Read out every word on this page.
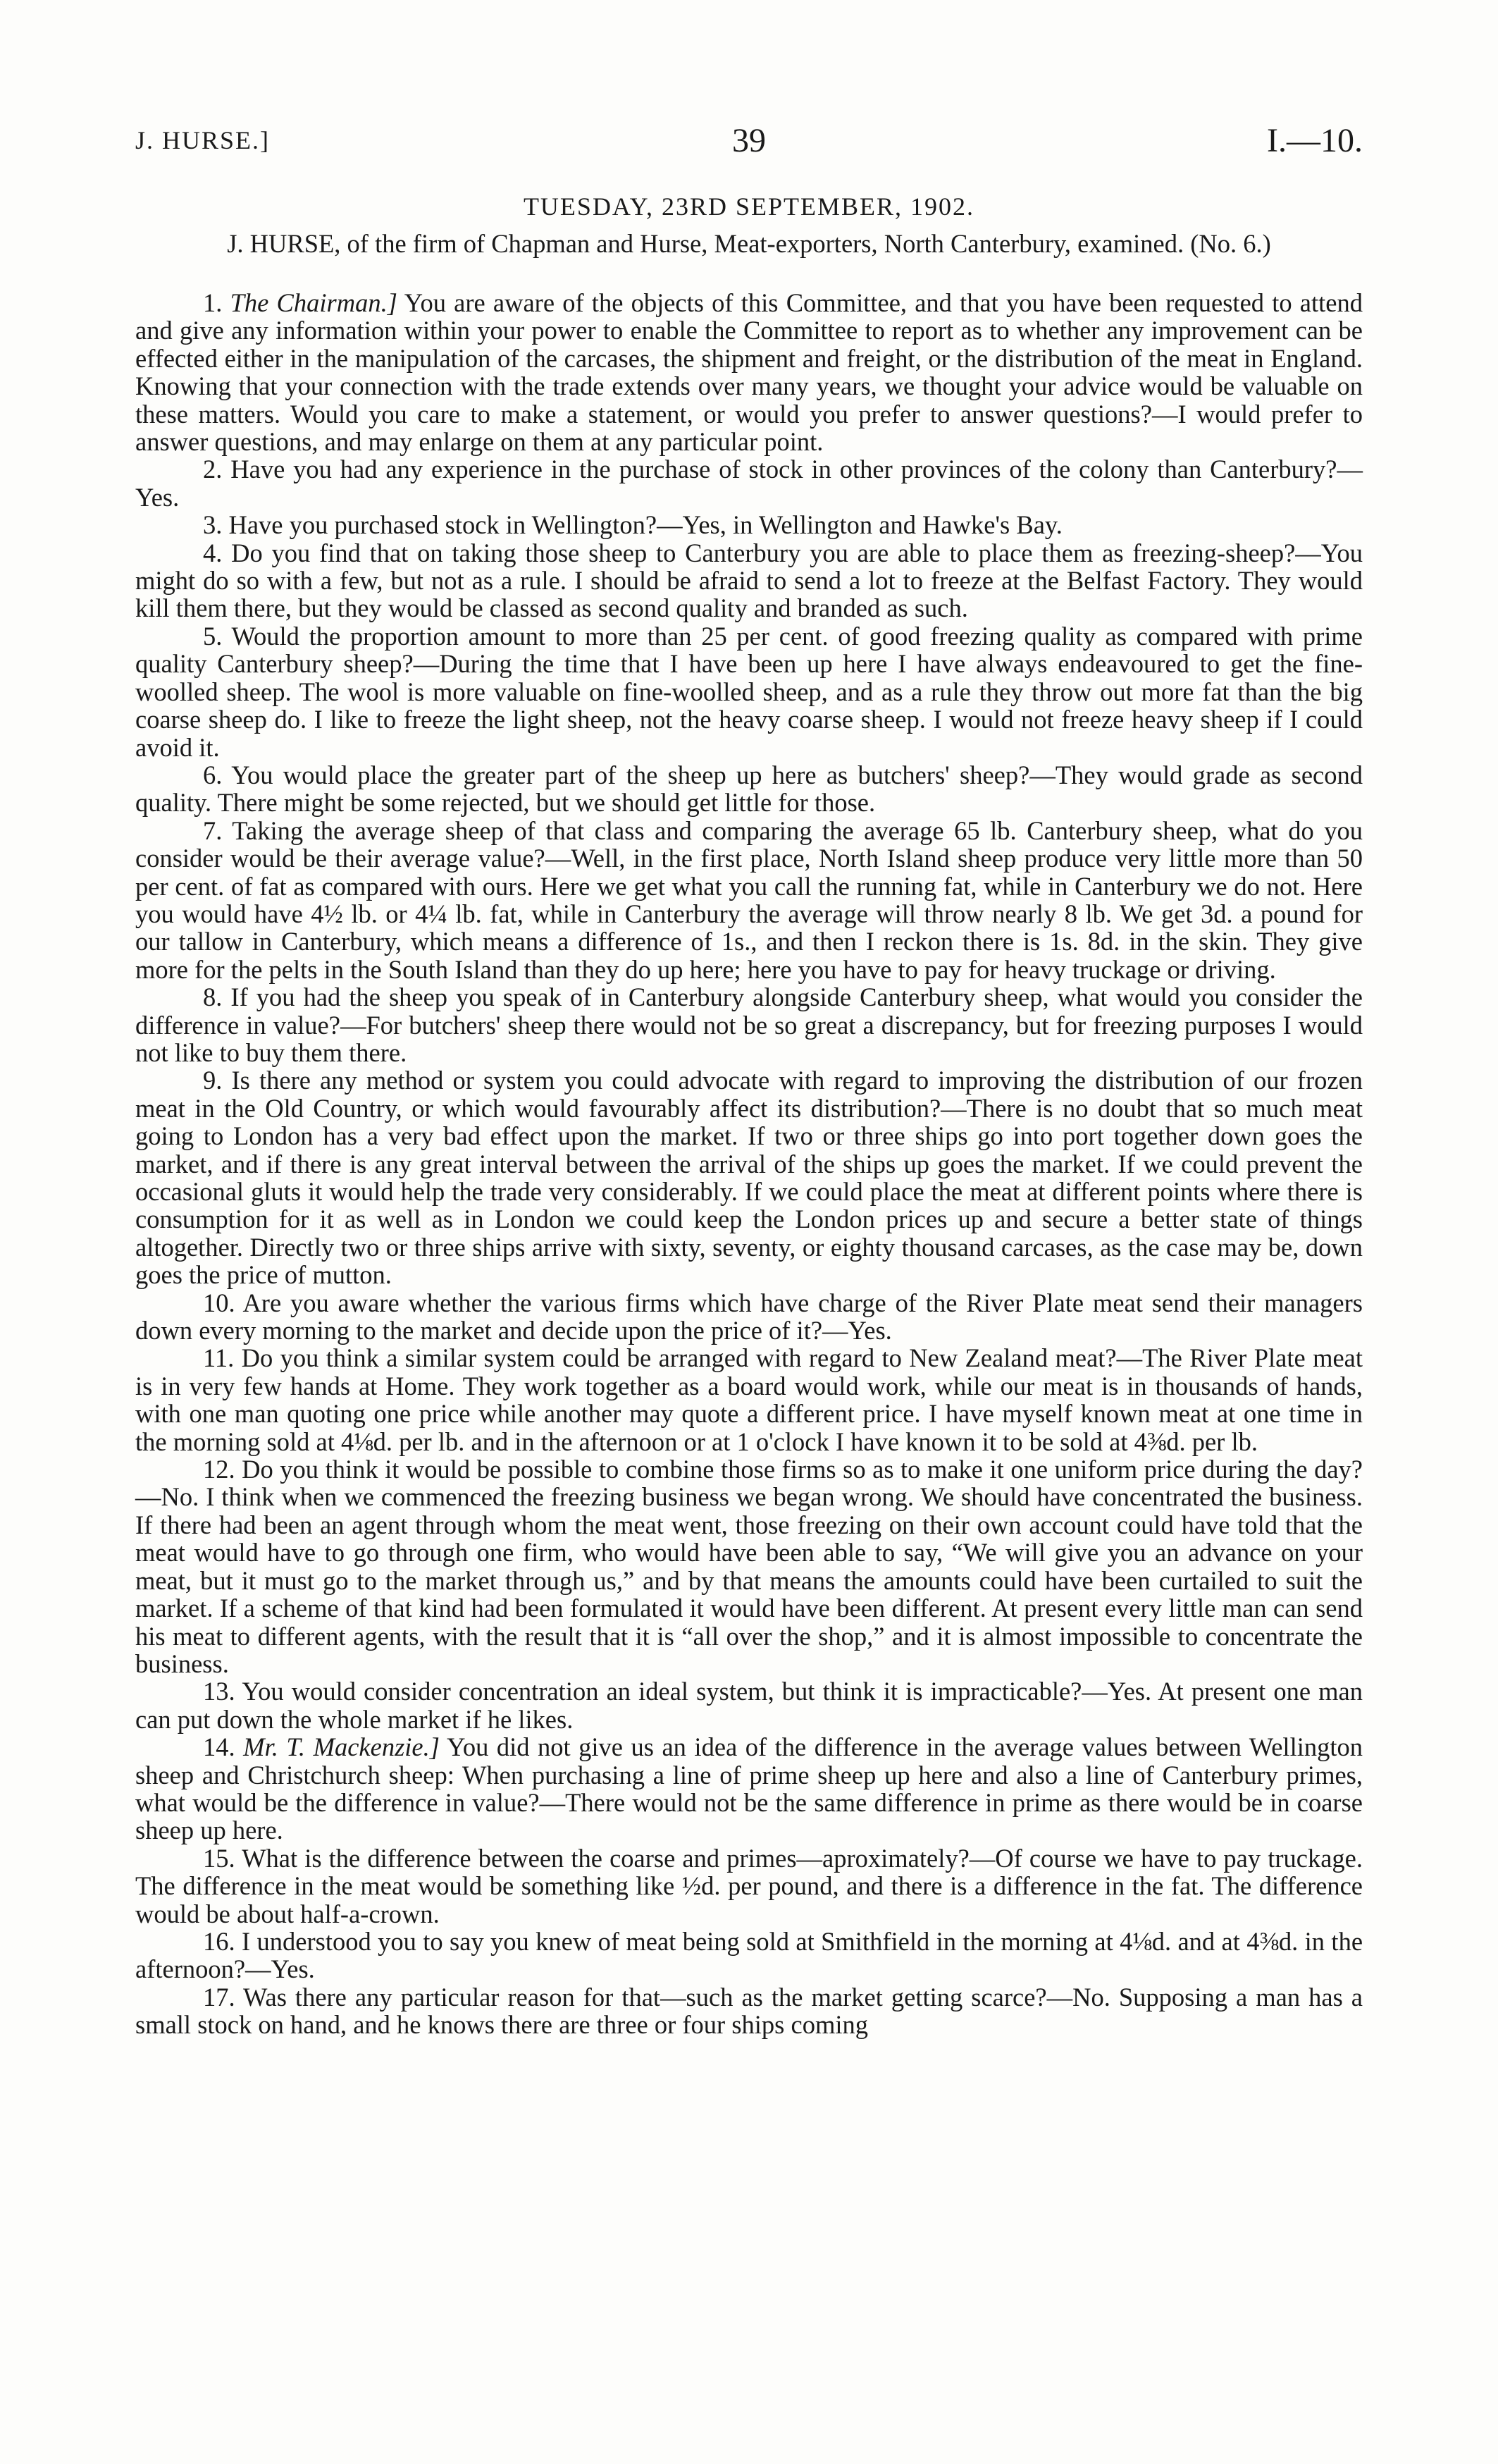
J. HURSE.]	39	I.—10.
TUESDAY, 23RD SEPTEMBER, 1902.
J. HURSE, of the firm of Chapman and Hurse, Meat-exporters, North Canterbury, examined. (No. 6.)

1. The Chairman.] You are aware of the objects of this Committee, and that you have been requested to attend and give any information within your power to enable the Committee to report as to whether any improvement can be effected either in the manipulation of the carcases, the shipment and freight, or the distribution of the meat in England. Knowing that your connection with the trade extends over many years, we thought your advice would be valuable on these matters. Would you care to make a statement, or would you prefer to answer questions?—I would prefer to answer questions, and may enlarge on them at any particular point.

2. Have you had any experience in the purchase of stock in other provinces of the colony than Canterbury?—Yes.

3. Have you purchased stock in Wellington?—Yes, in Wellington and Hawke's Bay.

4. Do you find that on taking those sheep to Canterbury you are able to place them as freezing-sheep?—You might do so with a few, but not as a rule. I should be afraid to send a lot to freeze at the Belfast Factory. They would kill them there, but they would be classed as second quality and branded as such.

5. Would the proportion amount to more than 25 per cent. of good freezing quality as compared with prime quality Canterbury sheep?—During the time that I have been up here I have always endeavoured to get the fine-woolled sheep. The wool is more valuable on fine-woolled sheep, and as a rule they throw out more fat than the big coarse sheep do. I like to freeze the light sheep, not the heavy coarse sheep. I would not freeze heavy sheep if I could avoid it.

6. You would place the greater part of the sheep up here as butchers' sheep?—They would grade as second quality. There might be some rejected, but we should get little for those.

7. Taking the average sheep of that class and comparing the average 65 lb. Canterbury sheep, what do you consider would be their average value?—Well, in the first place, North Island sheep produce very little more than 50 per cent. of fat as compared with ours. Here we get what you call the running fat, while in Canterbury we do not. Here you would have 4½ lb. or 4¼ lb. fat, while in Canterbury the average will throw nearly 8 lb. We get 3d. a pound for our tallow in Canterbury, which means a difference of 1s., and then I reckon there is 1s. 8d. in the skin. They give more for the pelts in the South Island than they do up here; here you have to pay for heavy truckage or driving.

8. If you had the sheep you speak of in Canterbury alongside Canterbury sheep, what would you consider the difference in value?—For butchers' sheep there would not be so great a discrepancy, but for freezing purposes I would not like to buy them there.

9. Is there any method or system you could advocate with regard to improving the distribution of our frozen meat in the Old Country, or which would favourably affect its distribution?—There is no doubt that so much meat going to London has a very bad effect upon the market. If two or three ships go into port together down goes the market, and if there is any great interval between the arrival of the ships up goes the market. If we could prevent the occasional gluts it would help the trade very considerably. If we could place the meat at different points where there is consumption for it as well as in London we could keep the London prices up and secure a better state of things altogether. Directly two or three ships arrive with sixty, seventy, or eighty thousand carcases, as the case may be, down goes the price of mutton.

10. Are you aware whether the various firms which have charge of the River Plate meat send their managers down every morning to the market and decide upon the price of it?—Yes.

11. Do you think a similar system could be arranged with regard to New Zealand meat?—The River Plate meat is in very few hands at Home. They work together as a board would work, while our meat is in thousands of hands, with one man quoting one price while another may quote a different price. I have myself known meat at one time in the morning sold at 4⅛d. per lb. and in the afternoon or at 1 o'clock I have known it to be sold at 4⅜d. per lb.

12. Do you think it would be possible to combine those firms so as to make it one uniform price during the day?—No. I think when we commenced the freezing business we began wrong. We should have concentrated the business. If there had been an agent through whom the meat went, those freezing on their own account could have told that the meat would have to go through one firm, who would have been able to say, “We will give you an advance on your meat, but it must go to the market through us,” and by that means the amounts could have been curtailed to suit the market. If a scheme of that kind had been formulated it would have been different. At present every little man can send his meat to different agents, with the result that it is “all over the shop,” and it is almost impossible to concentrate the business.

13. You would consider concentration an ideal system, but think it is impracticable?—Yes. At present one man can put down the whole market if he likes.

14. Mr. T. Mackenzie.] You did not give us an idea of the difference in the average values between Wellington sheep and Christchurch sheep: When purchasing a line of prime sheep up here and also a line of Canterbury primes, what would be the difference in value?—There would not be the same difference in prime as there would be in coarse sheep up here.

15. What is the difference between the coarse and primes—aproximately?—Of course we have to pay truckage. The difference in the meat would be something like ½d. per pound, and there is a difference in the fat. The difference would be about half-a-crown.

16. I understood you to say you knew of meat being sold at Smithfield in the morning at 4⅛d. and at 4⅜d. in the afternoon?—Yes.

17. Was there any particular reason for that—such as the market getting scarce?—No. Supposing a man has a small stock on hand, and he knows there are three or four ships coming
